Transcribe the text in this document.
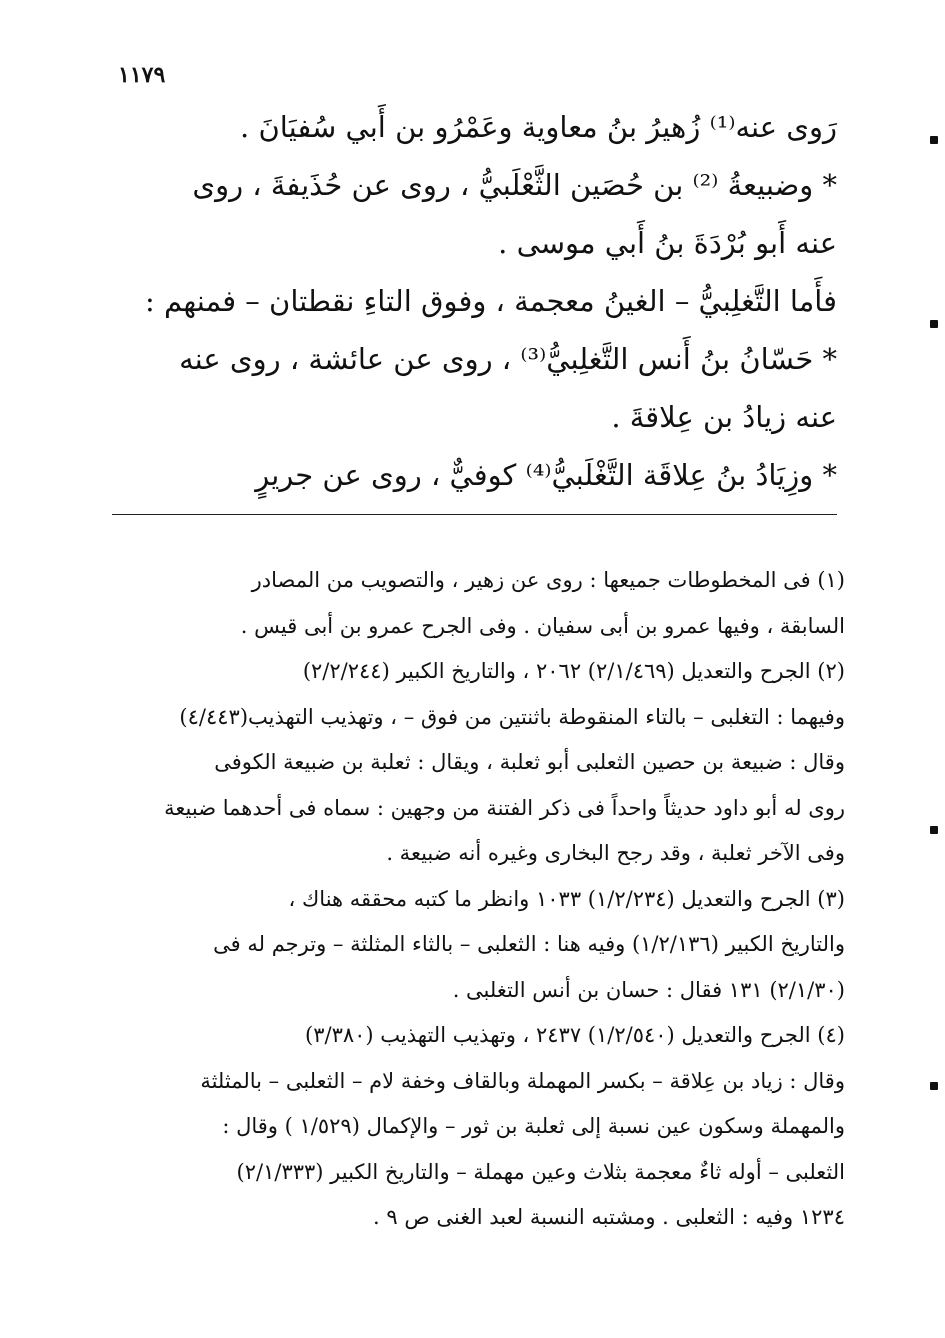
١١٧٩
رَوى عنه⁽¹⁾ زُهيرُ بنُ معاوية وعَمْرُو بن أَبي سُفيَانَ .
* وضبيعةُ ⁽²⁾ بن حُصَين الثَّعْلَبيُّ ، روى عن حُذَيفةَ ، روى
عنه أَبو بُرْدَةَ بنُ أَبي موسى .
فأَما التَّغلِبيُّ – الغينُ معجمة ، وفوق التاءِ نقطتان – فمنهم :
* حَسّانُ بنُ أَنس التَّغلِبيُّ⁽³⁾ ، روى عن عائشة ، روى عنه
عنه زيادُ بن عِلاقةَ .
* وزِيَادُ بنُ عِلاقَة التَّغْلَبيُّ⁽⁴⁾ كوفيٌّ ، روى عن جريرٍ
(١) فى المخطوطات جميعها : روى عن زهير ، والتصويب من المصادر
السابقة ، وفيها عمرو بن أبى سفيان . وفى الجرح عمرو بن أبى قيس .
(٢) الجرح والتعديل (٢/١/٤٦٩) ٢٠٦٢ ، والتاريخ الكبير (٢/٢/٢٤٤)
وفيهما : التغلبى – بالتاء المنقوطة باثنتين من فوق – ، وتهذيب التهذيب(٤/٤٤٣)
وقال : ضبيعة بن حصين الثعلبى أبو ثعلبة ، ويقال : ثعلبة بن ضبيعة الكوفى
روى له أبو داود حديثاً واحداً فى ذكر الفتنة من وجهين : سماه فى أحدهما ضبيعة
وفى الآخر ثعلبة ، وقد رجح البخارى وغيره أنه ضبيعة .
(٣) الجرح والتعديل (١/٢/٢٣٤) ١٠٣٣ وانظر ما كتبه محققه هناك ،
والتاريخ الكبير (١/٢/١٣٦) وفيه هنا : الثعلبى – بالثاء المثلثة – وترجم له فى
(٢/١/٣٠) ١٣١ فقال : حسان بن أنس التغلبى .
(٤) الجرح والتعديل (١/٢/٥٤٠) ٢٤٣٧ ، وتهذيب التهذيب (٣/٣٨٠)
وقال : زياد بن عِلاقة – بكسر المهملة وبالقاف وخفة لام – الثعلبى – بالمثلثة
والمهملة وسكون عين نسبة إلى ثعلبة بن ثور – والإكمال (١/٥٢٩ ) وقال :
الثعلبى – أوله ثاءٌ معجمة بثلاث وعين مهملة – والتاريخ الكبير (٢/١/٣٣٣)
١٢٣٤ وفيه : الثعلبى . ومشتبه النسبة لعبد الغنى ص ٩ .
